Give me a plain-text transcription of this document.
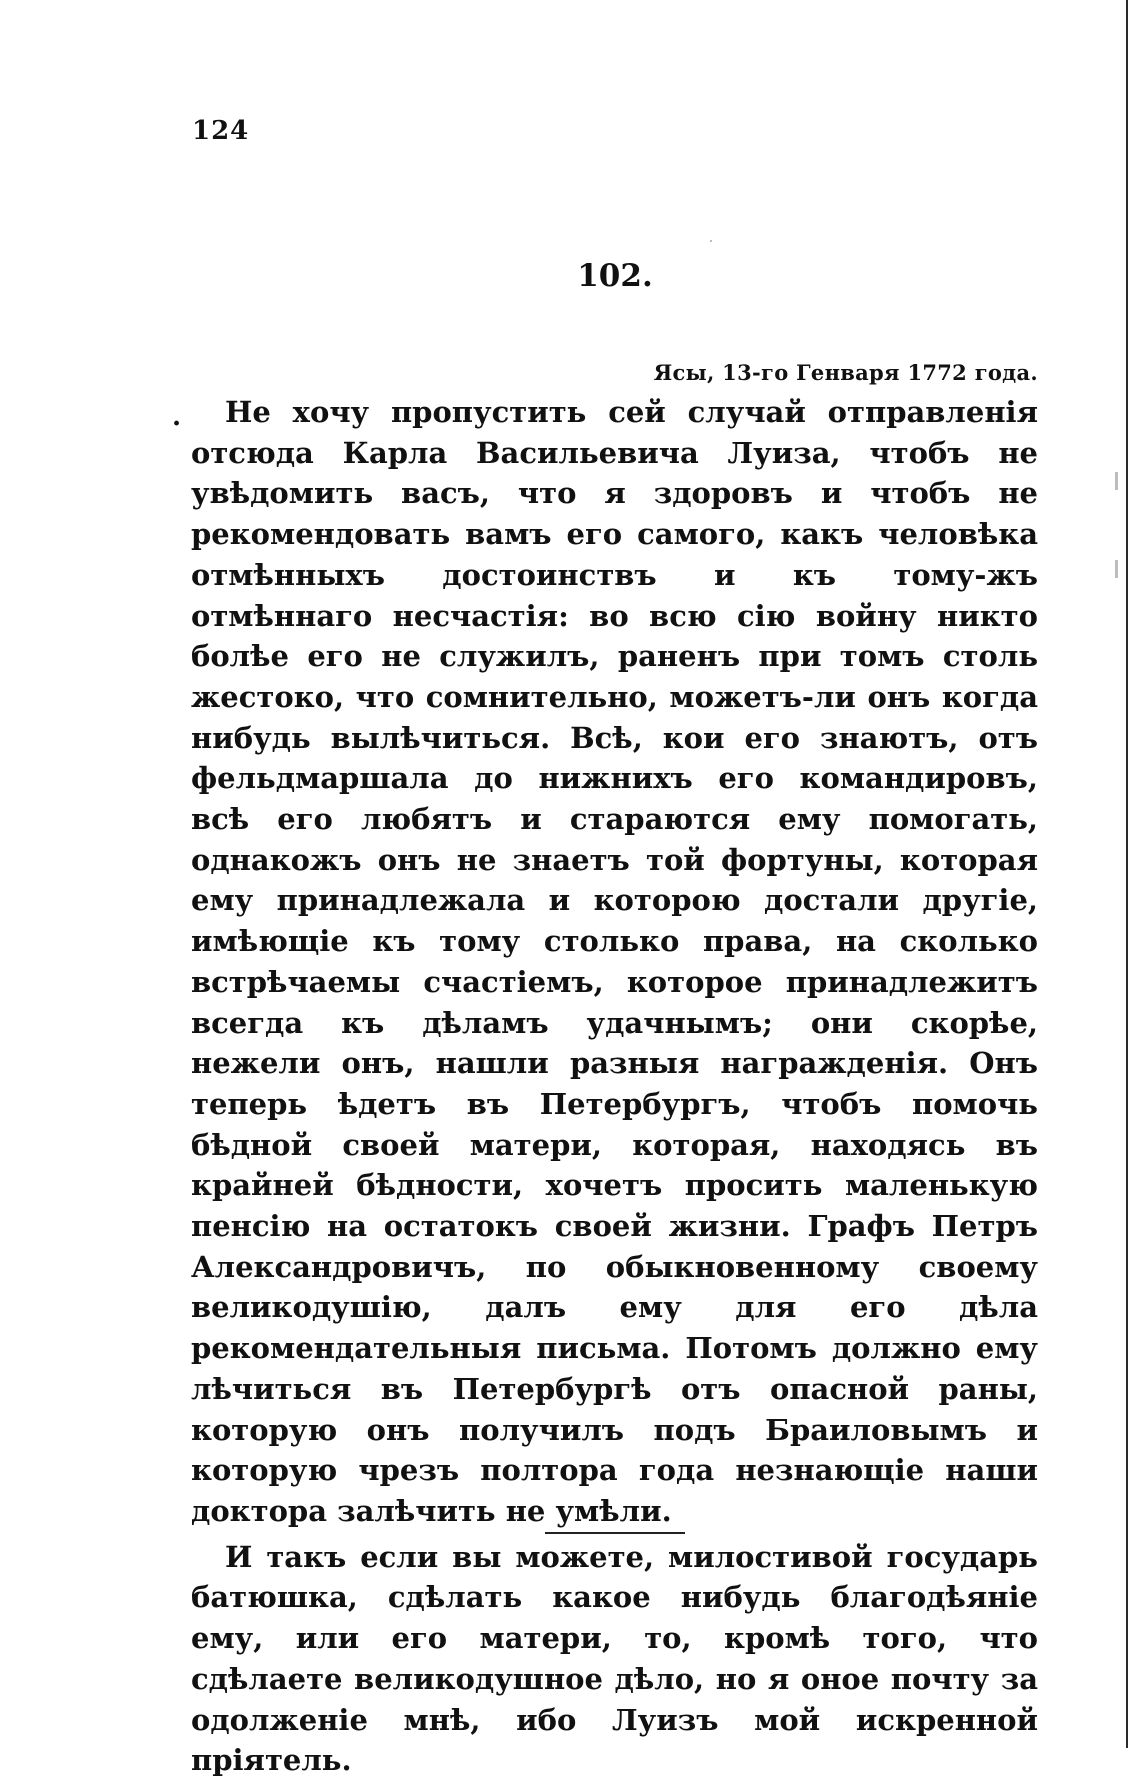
124
102.
Ясы, 13-го Генваря 1772 года.
.	Не хочу пропустить сей случай отправленія отсюда Карла Васильевича Луиза, чтобъ не увѣдомить васъ, что я здоровъ и чтобъ не рекомендовать вамъ его самого, какъ человѣка отмѣнныхъ достоинствъ и къ тому-жъ отмѣннаго несчастія: во всю сію войну никто болѣе его не служилъ, раненъ при томъ столь жестоко, что сомнительно, можетъ-ли онъ когда нибудь вылѣчиться. Всѣ, кои его знаютъ, отъ фельдмаршала до нижнихъ его командировъ, всѣ его любятъ и стараются ему помогать, однакожъ онъ не знаетъ той фортуны, которая ему принадлежала и которою достали другіе, имѣющіе къ тому столько права, на сколько встрѣчаемы счастіемъ, которое принадлежитъ всегда къ дѣламъ удачнымъ; они скорѣе, нежели онъ, нашли разныя награжденія. Онъ теперь ѣдетъ въ Петербургъ, чтобъ помочь бѣдной своей матери, которая, находясь въ крайней бѣдности, хочетъ просить маленькую пенсію на остатокъ своей жизни. Графъ Петръ Александровичъ, по обыкновенному своему великодушію, далъ ему для его дѣла рекомендательныя письма. Потомъ должно ему лѣчиться въ Петербургѣ отъ опасной раны, которую онъ получилъ подъ Браиловымъ и которую чрезъ полтора года незнающіе наши доктора залѣчить не умѣли.

И такъ если вы можете, милостивой государь батюшка, сдѣлать какое нибудь благодѣяніе ему, или его матери, то, кромѣ того, что сдѣлаете великодушное дѣло, но я оное почту за одолженіе мнѣ, ибо Луизъ мой искренной пріятель.
